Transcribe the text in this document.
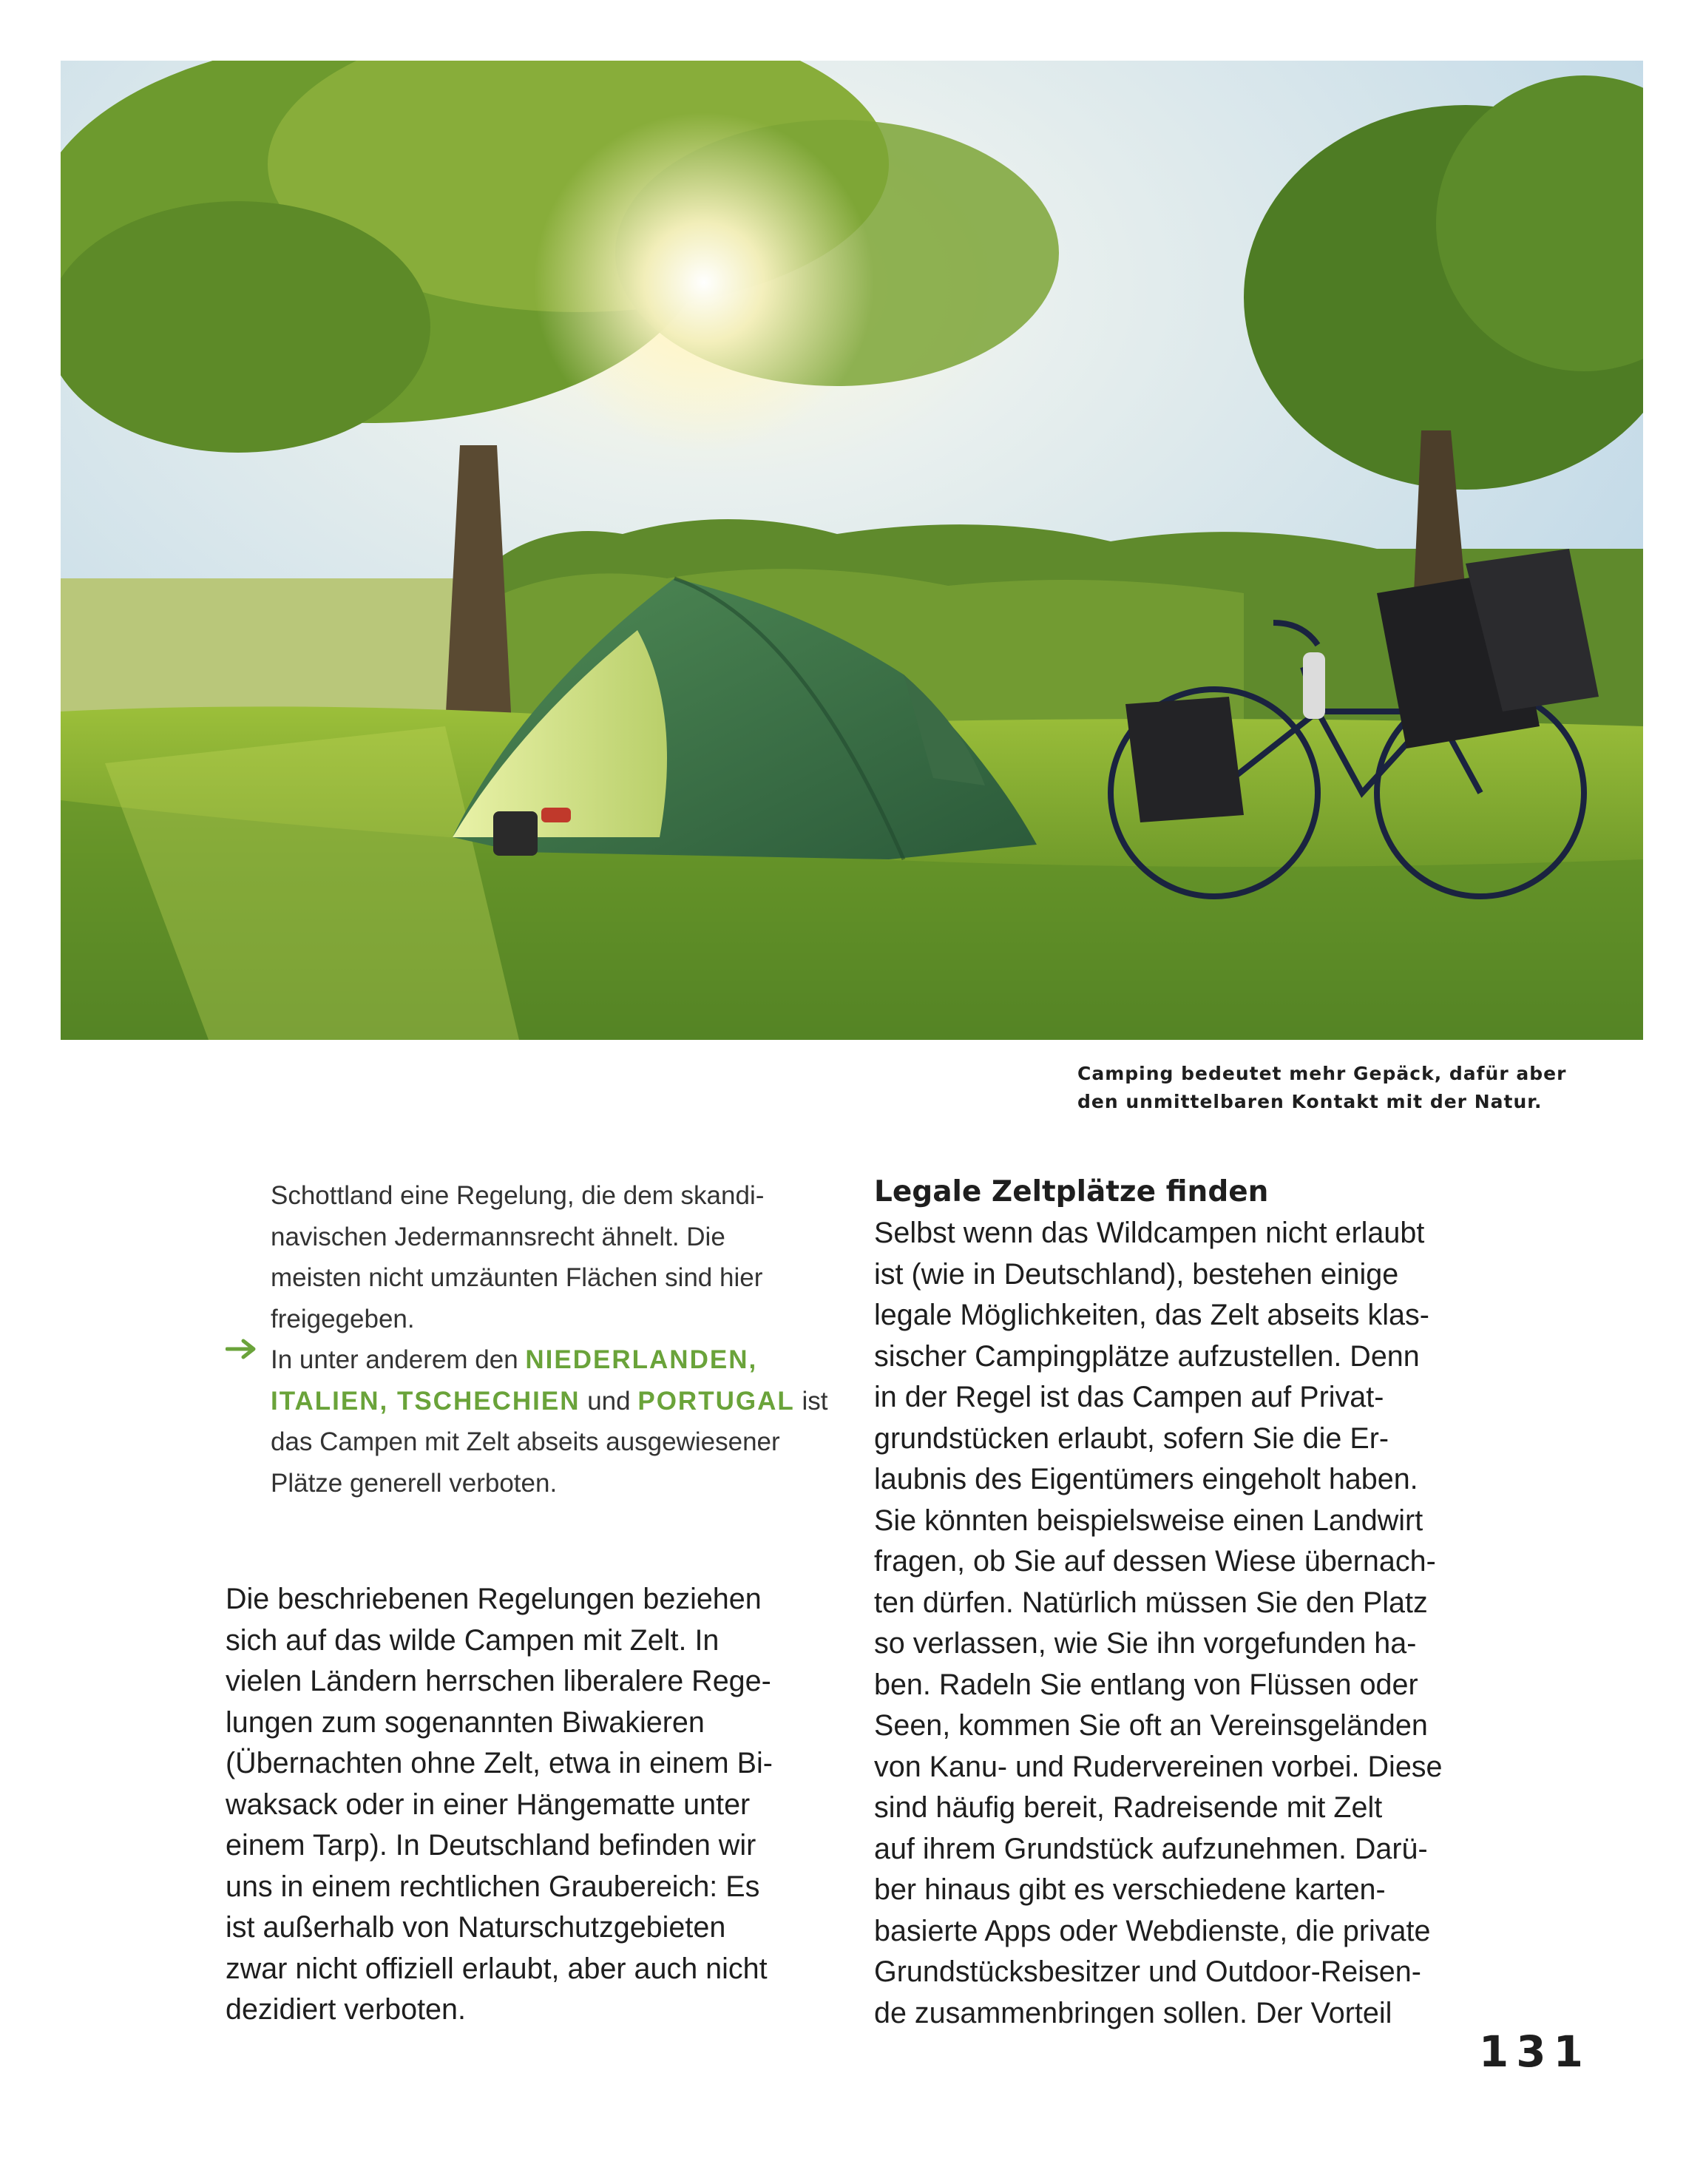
Camping bedeutet mehr Gepäck, dafür aber
den unmittelbaren Kontakt mit der Natur.
Schottland eine Regelung, die dem skandi-
navischen Jedermannsrecht ähnelt. Die
meisten nicht umzäunten Flächen sind hier
freigegeben.
In unter anderem den NIEDERLANDEN,
ITALIEN, TSCHECHIEN und PORTUGAL ist
das Campen mit Zelt abseits ausgewiesener
Plätze generell verboten.
Die beschriebenen Regelungen beziehen
sich auf das wilde Campen mit Zelt. In
vielen Ländern herrschen liberalere Rege-
lungen zum sogenannten Biwakieren
(Übernachten ohne Zelt, etwa in einem Bi-
waksack oder in einer Hängematte unter
einem Tarp). In Deutschland befinden wir
uns in einem rechtlichen Graubereich: Es
ist außerhalb von Naturschutzgebieten
zwar nicht offiziell erlaubt, aber auch nicht
dezidiert verboten.
Legale Zeltplätze finden
Selbst wenn das Wildcampen nicht erlaubt
ist (wie in Deutschland), bestehen einige
legale Möglichkeiten, das Zelt abseits klas-
sischer Campingplätze aufzustellen. Denn
in der Regel ist das Campen auf Privat-
grundstücken erlaubt, sofern Sie die Er-
laubnis des Eigentümers eingeholt haben.
Sie könnten beispielsweise einen Landwirt
fragen, ob Sie auf dessen Wiese übernach-
ten dürfen. Natürlich müssen Sie den Platz
so verlassen, wie Sie ihn vorgefunden ha-
ben. Radeln Sie entlang von Flüssen oder
Seen, kommen Sie oft an Vereinsgeländen
von Kanu- und Rudervereinen vorbei. Diese
sind häufig bereit, Radreisende mit Zelt
auf ihrem Grundstück aufzunehmen. Darü-
ber hinaus gibt es verschiedene karten-
basierte Apps oder Webdienste, die private
Grundstücksbesitzer und Outdoor-Reisen-
de zusammenbringen sollen. Der Vorteil
131
